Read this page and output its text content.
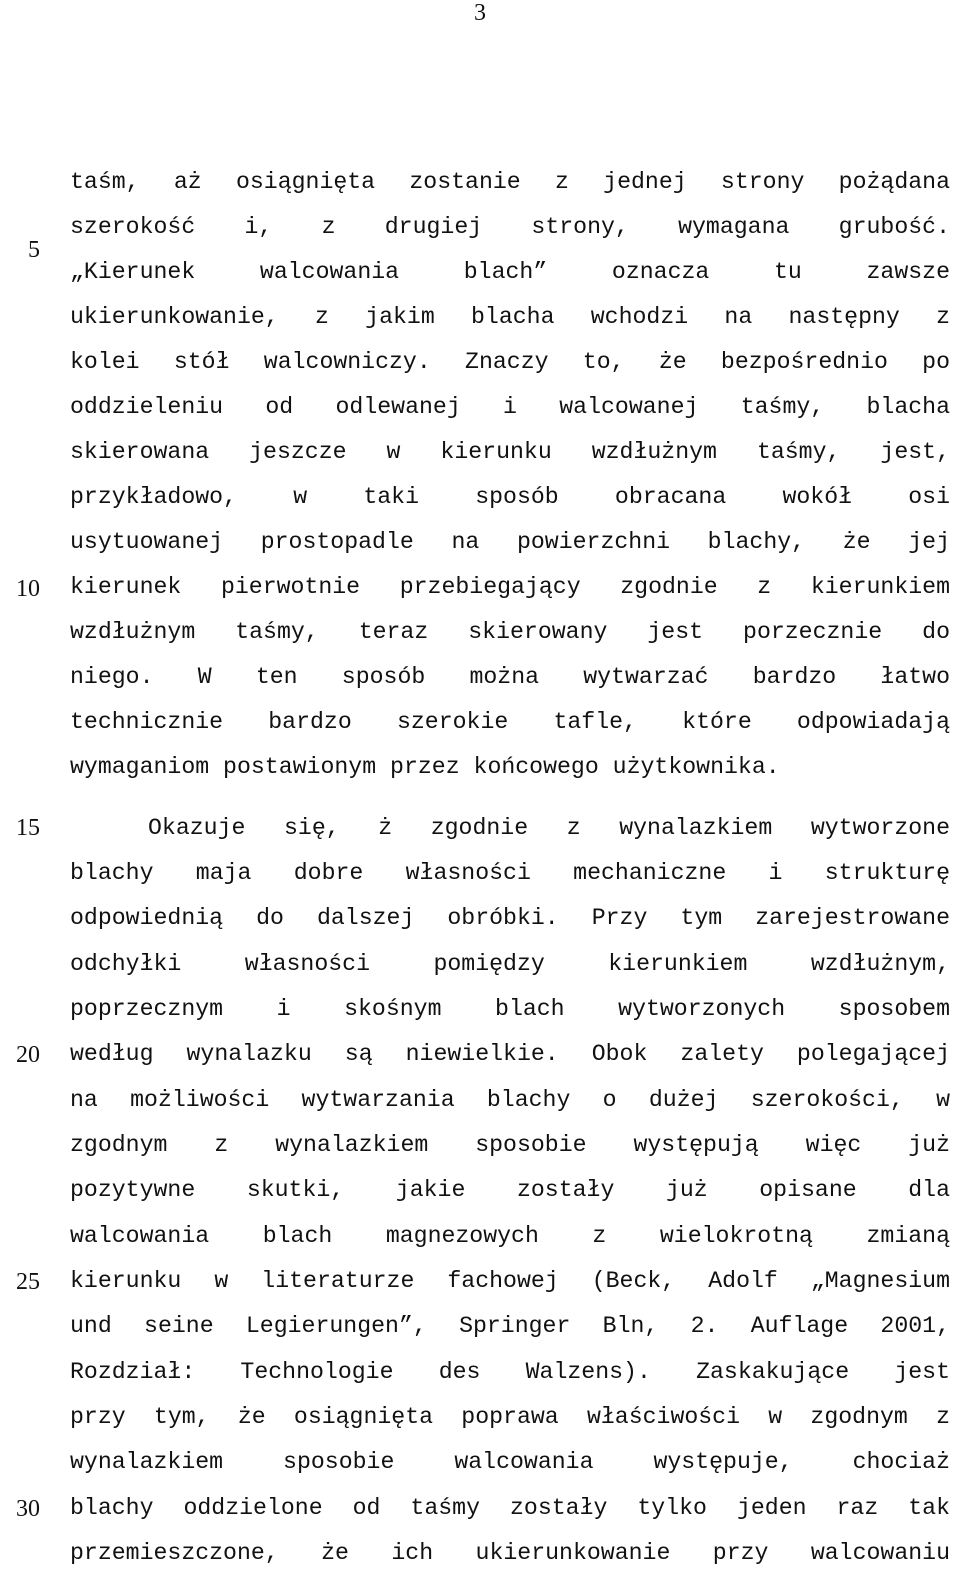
3
5
10
15
20
25
30
taśm, aż osiągnięta zostanie z jednej strony pożądana
szerokość i, z drugiej strony, wymagana grubość.
„Kierunek walcowania blach” oznacza tu zawsze
ukierunkowanie, z jakim blacha wchodzi na następny z
kolei stół walcowniczy. Znaczy to, że bezpośrednio po
oddzieleniu od odlewanej i walcowanej taśmy, blacha
skierowana jeszcze w kierunku wzdłużnym taśmy, jest,
przykładowo, w taki sposób obracana wokół osi
usytuowanej prostopadle na powierzchni blachy, że jej
kierunek pierwotnie przebiegający zgodnie z kierunkiem
wzdłużnym taśmy, teraz skierowany jest porzecznie do
niego. W ten sposób można wytwarzać bardzo łatwo
technicznie bardzo szerokie tafle, które odpowiadają
wymaganiom postawionym przez końcowego użytkownika.
Okazuje się, ż zgodnie z wynalazkiem wytworzone
blachy maja dobre własności mechaniczne i strukturę
odpowiednią do dalszej obróbki. Przy tym zarejestrowane
odchyłki własności pomiędzy kierunkiem wzdłużnym,
poprzecznym i skośnym blach wytworzonych sposobem
według wynalazku są niewielkie. Obok zalety polegającej
na możliwości wytwarzania blachy o dużej szerokości, w
zgodnym z wynalazkiem sposobie występują więc już
pozytywne skutki, jakie zostały już opisane dla
walcowania blach magnezowych z wielokrotną zmianą
kierunku w literaturze fachowej (Beck, Adolf „Magnesium
und seine Legierungen”, Springer Bln, 2. Auflage 2001,
Rozdział: Technologie des Walzens). Zaskakujące jest
przy tym, że osiągnięta poprawa właściwości w zgodnym z
wynalazkiem sposobie walcowania występuje, chociaż
blachy oddzielone od taśmy zostały tylko jeden raz tak
przemieszczone, że ich ukierunkowanie przy walcowaniu
